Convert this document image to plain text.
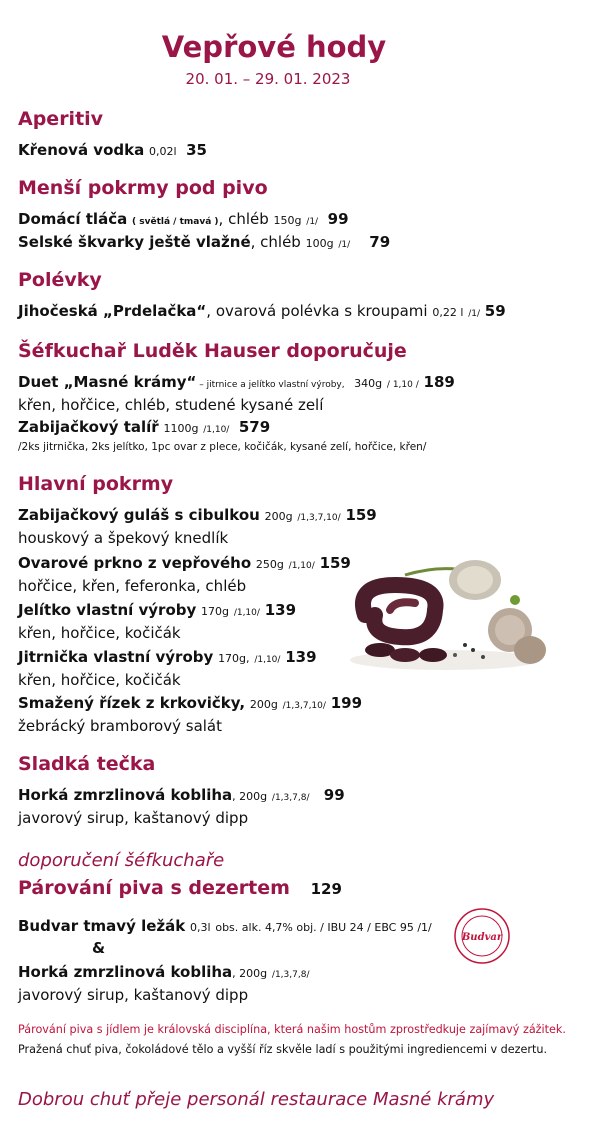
Vepřové hody
20. 01. – 29. 01. 2023
Aperitiv
Křenová vodka 0,02l 35
Menší pokrmy pod pivo
Domácí tláča ( světlá / tmavá ), chléb 150g /1/ 99
Selské škvarky ještě vlažné, chléb 100g /1/ 79
Polévky
Jihočeská „Prdelačka“, ovarová polévka s kroupami 0,22 l /1/ 59
Šéfkuchař Luděk Hauser doporučuje
Duet „Masné krámy“ – jitrnice a jelítko vlastní výroby, 340g / 1,10 / 189
křen, hořčice, chléb, studené kysané zelí
Zabijačkový talíř 1100g /1,10/ 579
/2ks jitrnička, 2ks jelítko, 1pc ovar z plece, kočičák, kysané zelí, hořčice, křen/
Hlavní pokrmy
Zabijačkový guláš s cibulkou 200g /1,3,7,10/ 159
houskový a špekový knedlík
Ovarové prkno z vepřového 250g /1,10/ 159
hořčice, křen, feferonka, chléb
Jelítko vlastní výroby 170g /1,10/ 139
křen, hořčice, kočičák
Jitrnička vlastní výroby 170g, /1,10/ 139
křen, hořčice, kočičák
Smažený řízek z krkovičky, 200g /1,3,7,10/ 199
žebrácký bramborový salát
Sladká tečka
Horká zmrzlinová kobliha, 200g /1,3,7,8/ 99
javorový sirup, kaštanový dipp
doporučení šéfkuchaře
Párování piva s dezertem 129
Budvar tmavý ležák 0,3l obs. alk. 4,7% obj. / IBU 24 / EBC 95 /1/
&
Horká zmrzlinová kobliha, 200g /1,3,7,8/
javorový sirup, kaštanový dipp
Budvar
Párování piva s jídlem je královská disciplína, která našim hostům zprostředkuje zajímavý zážitek.
Pražená chuť piva, čokoládové tělo a vyšší říz skvěle ladí s použitými ingrediencemi v dezertu.
Dobrou chuť přeje personál restaurace Masné krámy
